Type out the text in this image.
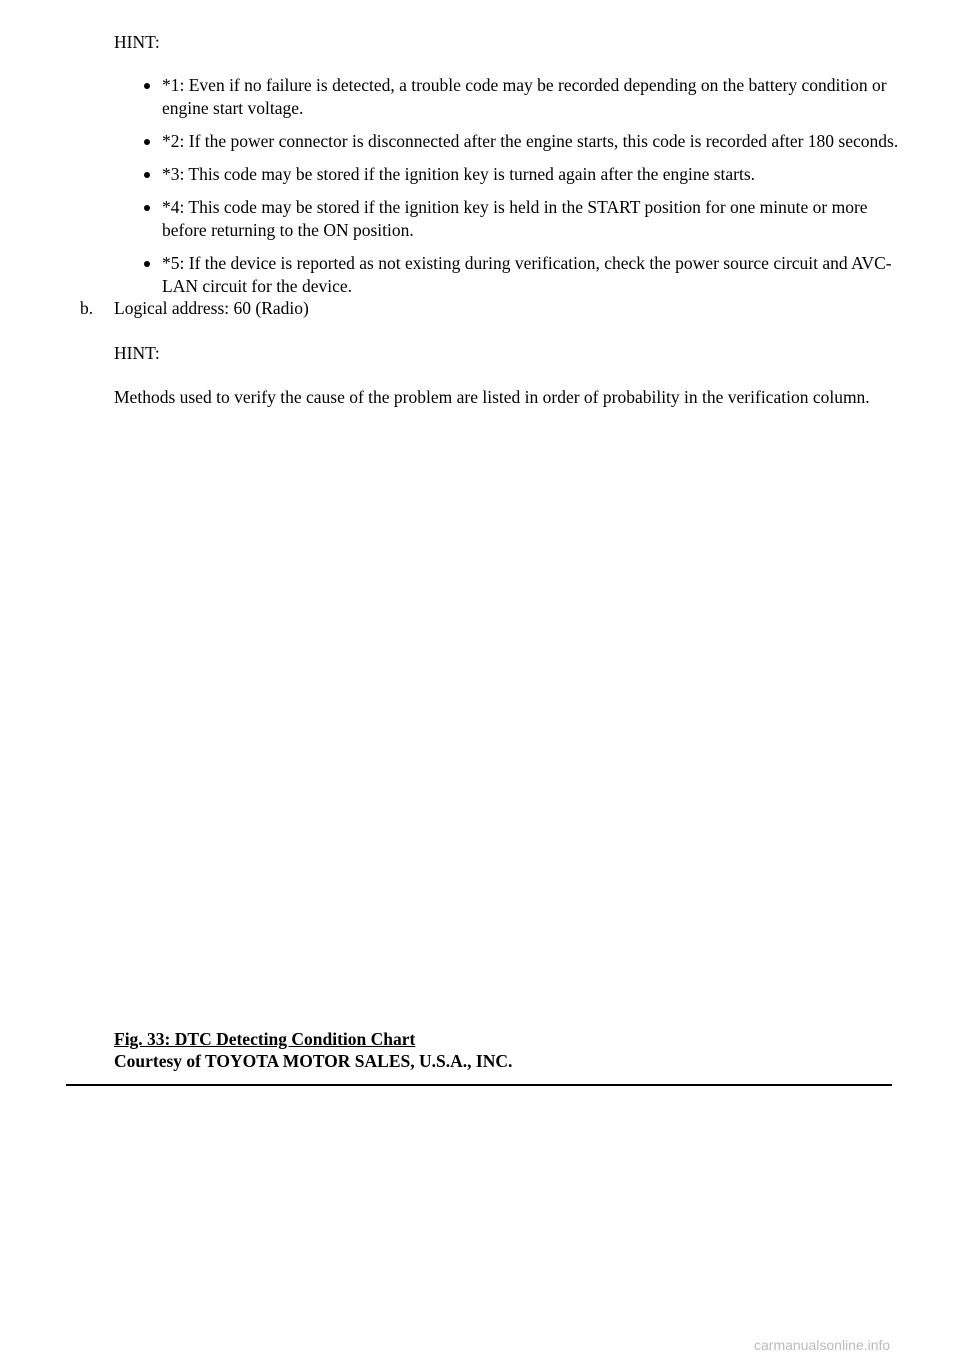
HINT:
*1: Even if no failure is detected, a trouble code may be recorded depending on the battery condition or engine start voltage.
*2: If the power connector is disconnected after the engine starts, this code is recorded after 180 seconds.
*3: This code may be stored if the ignition key is turned again after the engine starts.
*4: This code may be stored if the ignition key is held in the START position for one minute or more before returning to the ON position.
*5: If the device is reported as not existing during verification, check the power source circuit and AVC-LAN circuit for the device.
b. Logical address: 60 (Radio)
HINT:
Methods used to verify the cause of the problem are listed in order of probability in the verification column.
Fig. 33: DTC Detecting Condition Chart
Courtesy of TOYOTA MOTOR SALES, U.S.A., INC.
carmanualsonline.info
